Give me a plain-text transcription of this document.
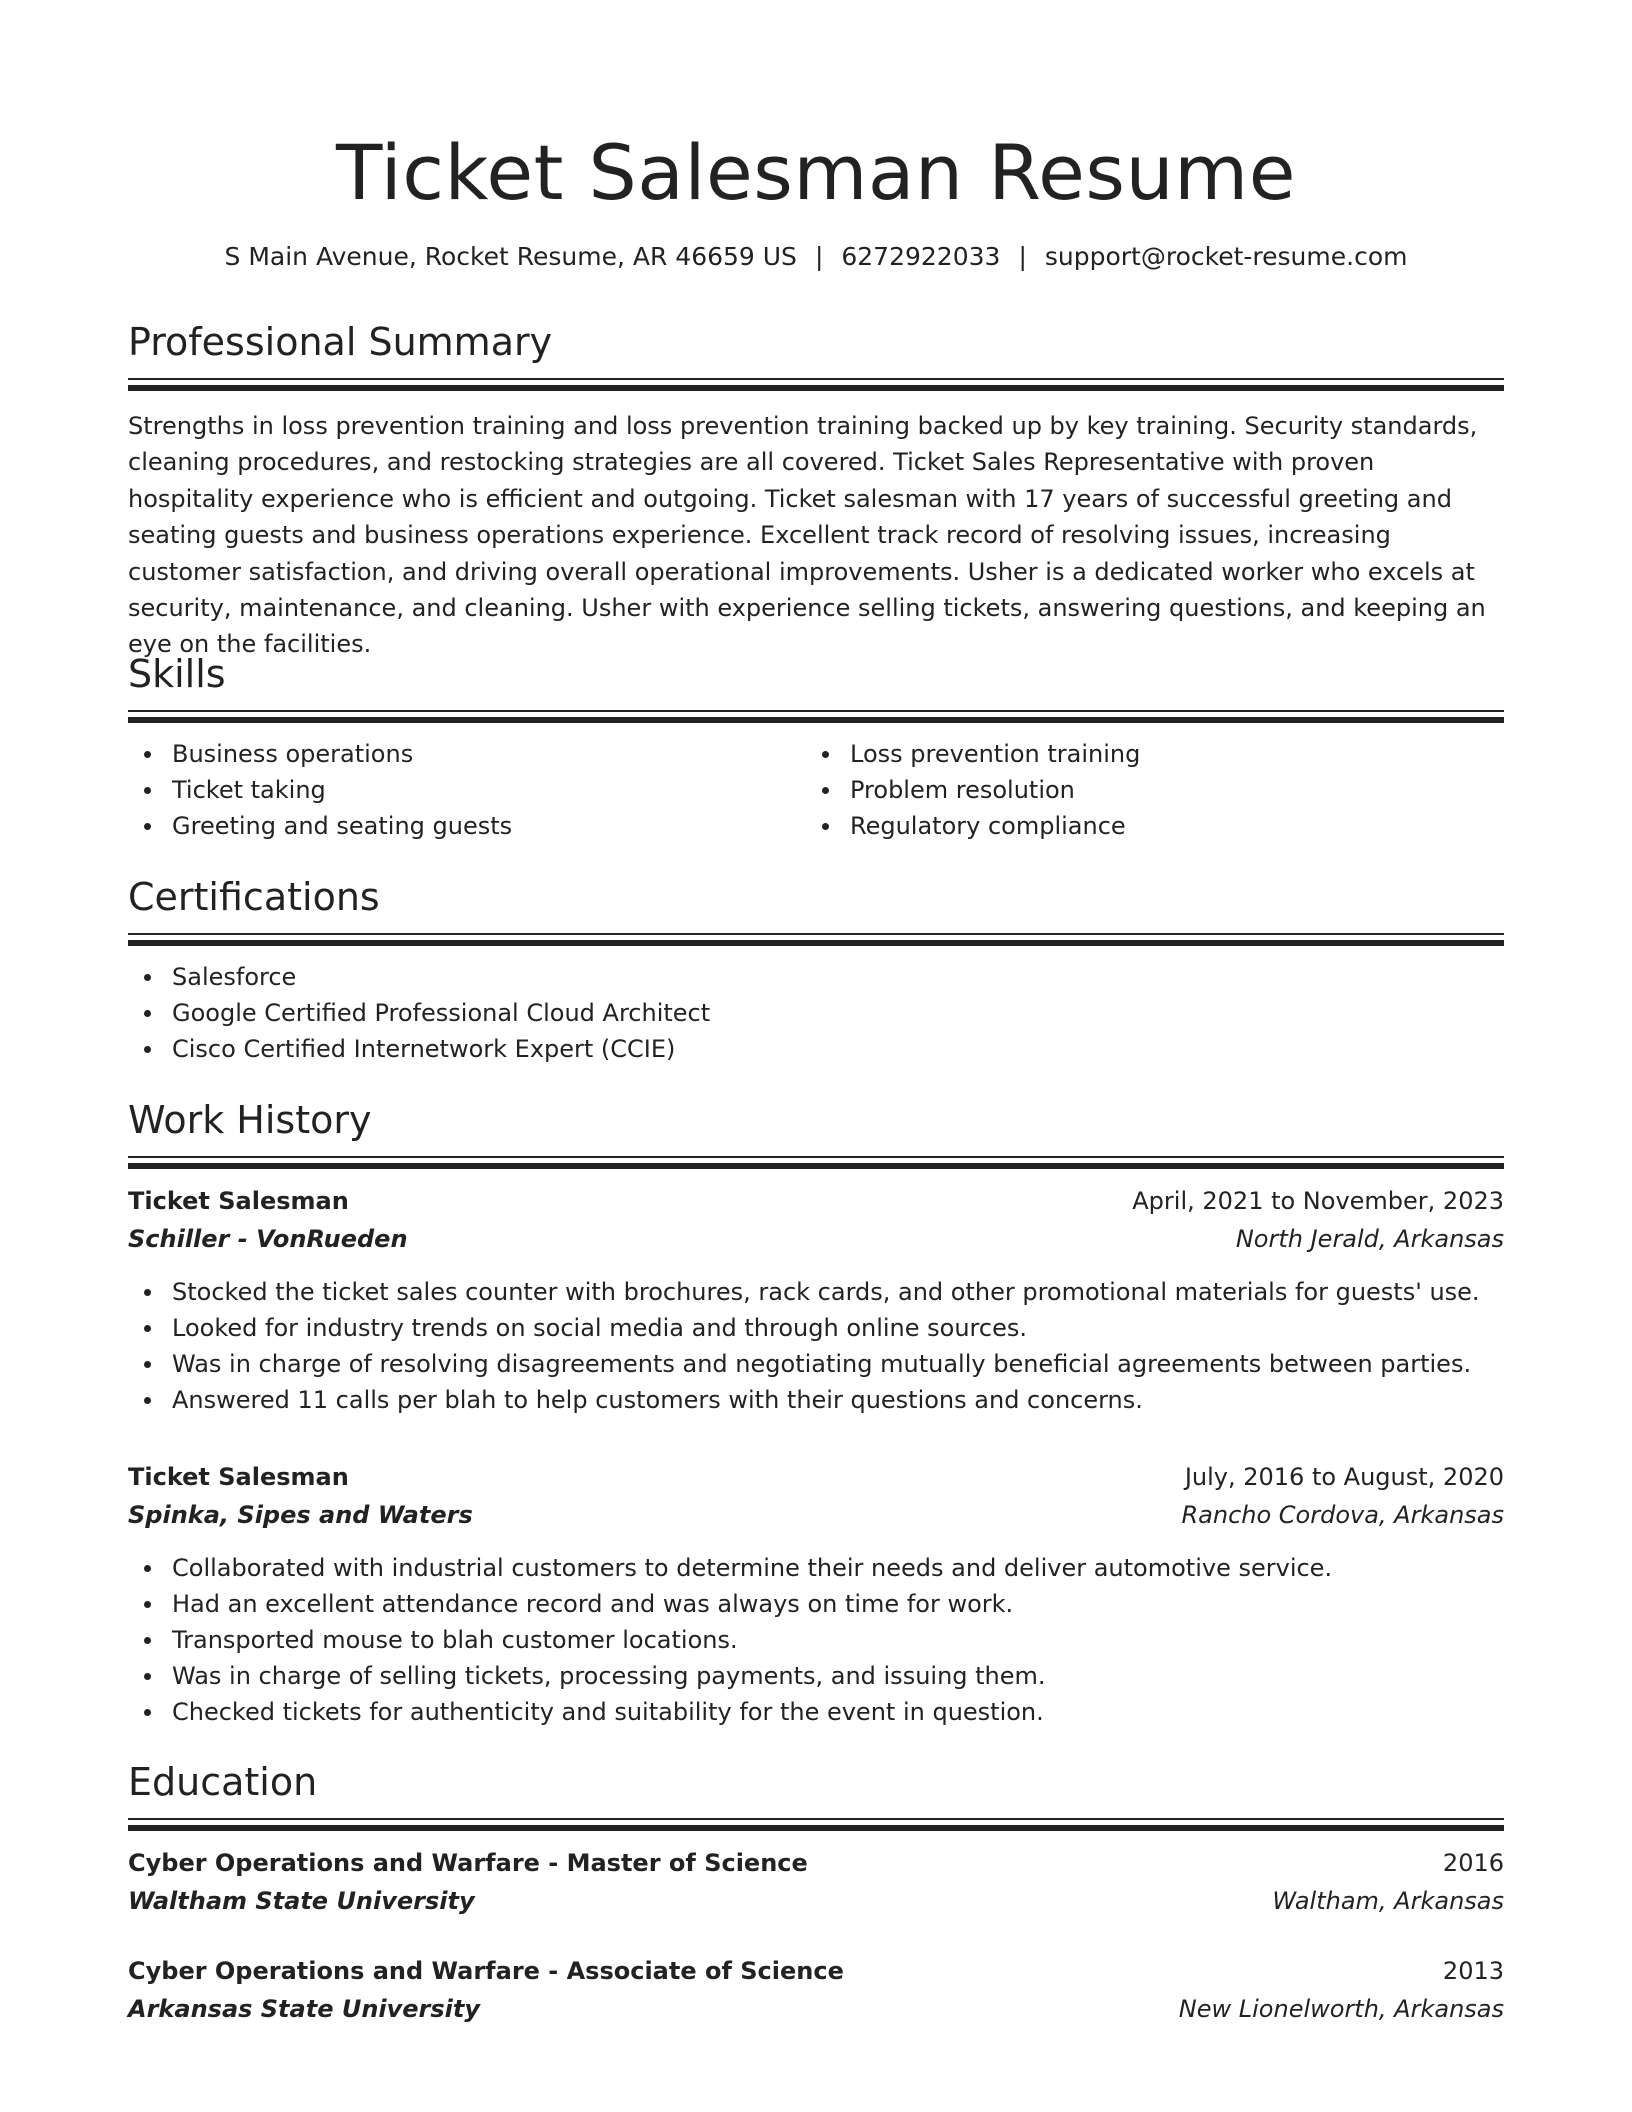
Ticket Salesman Resume
S Main Avenue, Rocket Resume, AR 46659 US | 6272922033 | support@rocket-resume.com
Professional Summary

Strengths in loss prevention training and loss prevention training backed up by key training. Security standards, cleaning procedures, and restocking strategies are all covered. Ticket Sales Representative with proven hospitality experience who is efficient and outgoing. Ticket salesman with 17 years of successful greeting and seating guests and business operations experience. Excellent track record of resolving issues, increasing customer satisfaction, and driving overall operational improvements. Usher is a dedicated worker who excels at security, maintenance, and cleaning. Usher with experience selling tickets, answering questions, and keeping an eye on the facilities.

Skills
Business operations
Ticket taking
Greeting and seating guests
Loss prevention training
Problem resolution
Regulatory compliance
Certifications
Salesforce
Google Certified Professional Cloud Architect
Cisco Certified Internetwork Expert (CCIE)
Work History
Ticket Salesman	April, 2021 to November, 2023
Schiller - VonRueden	North Jerald, Arkansas
Stocked the ticket sales counter with brochures, rack cards, and other promotional materials for guests' use.
Looked for industry trends on social media and through online sources.
Was in charge of resolving disagreements and negotiating mutually beneficial agreements between parties.
Answered 11 calls per blah to help customers with their questions and concerns.
Ticket Salesman	July, 2016 to August, 2020
Spinka, Sipes and Waters	Rancho Cordova, Arkansas
Collaborated with industrial customers to determine their needs and deliver automotive service.
Had an excellent attendance record and was always on time for work.
Transported mouse to blah customer locations.
Was in charge of selling tickets, processing payments, and issuing them.
Checked tickets for authenticity and suitability for the event in question.
Education
Cyber Operations and Warfare - Master of Science	2016
Waltham State University	Waltham, Arkansas
Cyber Operations and Warfare - Associate of Science	2013
Arkansas State University	New Lionelworth, Arkansas
